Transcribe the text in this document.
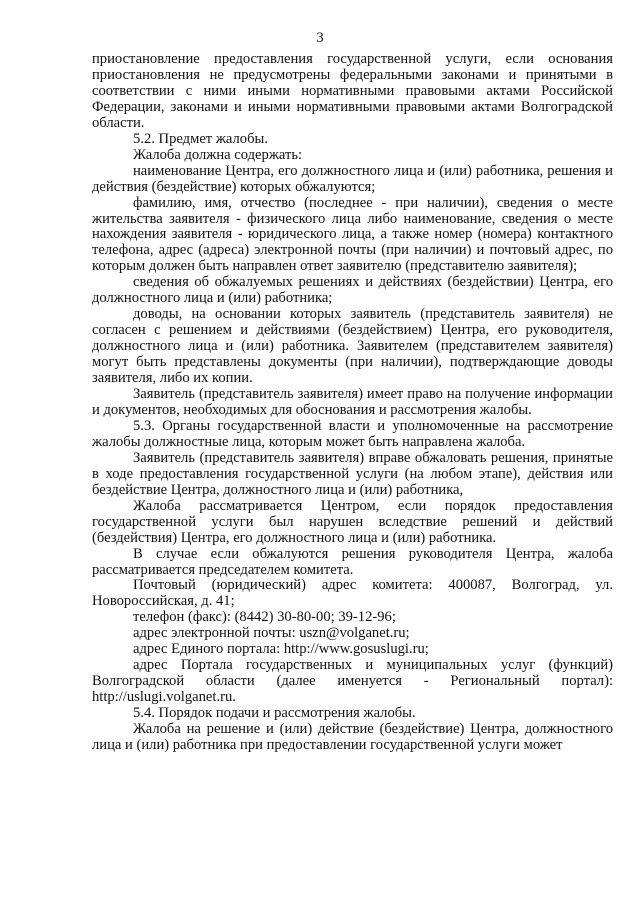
3

приостановление предоставления государственной услуги, если основания приостановления не предусмотрены федеральными законами и принятыми в соответствии с ними иными нормативными правовыми актами Российской Федерации, законами и иными нормативными правовыми актами Волгоградской области.

5.2. Предмет жалобы.

Жалоба должна содержать:

наименование Центра, его должностного лица и (или) работника, решения и действия (бездействие) которых обжалуются;

фамилию, имя, отчество (последнее - при наличии), сведения о месте жительства заявителя - физического лица либо наименование, сведения о месте нахождения заявителя - юридического лица, а также номер (номера) контактного телефона, адрес (адреса) электронной почты (при наличии) и почтовый адрес, по которым должен быть направлен ответ заявителю (представителю заявителя);

сведения об обжалуемых решениях и действиях (бездействии) Центра, его должностного лица и (или) работника;

доводы, на основании которых заявитель (представитель заявителя) не согласен с решением и действиями (бездействием) Центра, его руководителя, должностного лица и (или) работника. Заявителем (представителем заявителя) могут быть представлены документы (при наличии), подтверждающие доводы заявителя, либо их копии.

Заявитель (представитель заявителя) имеет право на получение информации и документов, необходимых для обоснования и рассмотрения жалобы.

5.3. Органы государственной власти и уполномоченные на рассмотрение жалобы должностные лица, которым может быть направлена жалоба.

Заявитель (представитель заявителя) вправе обжаловать решения, принятые в ходе предоставления государственной услуги (на любом этапе), действия или бездействие Центра, должностного лица и (или) работника,

Жалоба рассматривается Центром, если порядок предоставления государственной услуги был нарушен вследствие решений и действий (бездействия) Центра, его должностного лица и (или) работника.

В случае если обжалуются решения руководителя Центра, жалоба рассматривается председателем комитета.

Почтовый (юридический) адрес комитета: 400087, Волгоград, ул. Новороссийская, д. 41;

телефон (факс): (8442) 30-80-00; 39-12-96;

адрес электронной почты: uszn@volganet.ru;

адрес Единого портала: http://www.gosuslugi.ru;

адрес Портала государственных и муниципальных услуг (функций) Волгоградской области (далее именуется - Региональный портал): http://uslugi.volganet.ru.

5.4. Порядок подачи и рассмотрения жалобы.

Жалоба на решение и (или) действие (бездействие) Центра, должностного лица и (или) работника при предоставлении государственной услуги может
